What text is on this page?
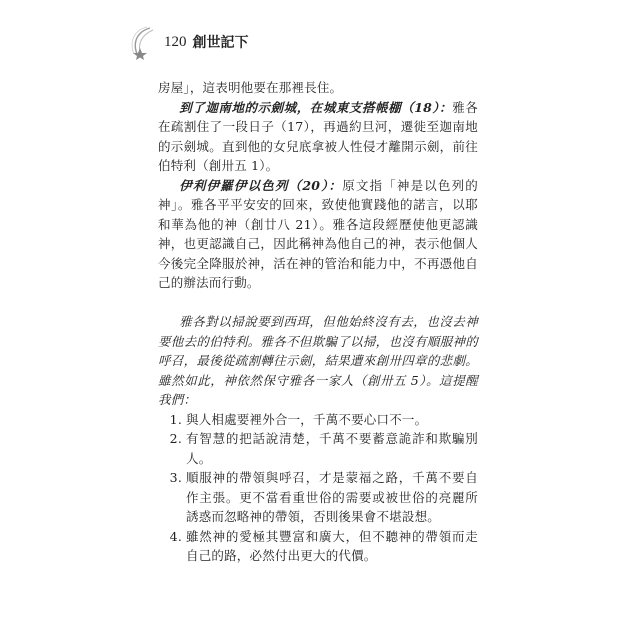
120 創世記下

房屋」，這表明他要在那裡長住。

到了迦南地的示劍城，在城東支搭帳棚（18）：雅各在疏割住了一段日子（17），再過約旦河，遷徙至迦南地的示劍城。直到他的女兒底拿被人性侵才離開示劍，前往伯特利（創卅五 1）。

伊利伊羅伊以色列（20）：原文指「神是以色列的神」。雅各平平安安的回來，致使他實踐他的諾言，以耶和華為他的神（創廿八 21）。雅各這段經歷使他更認識神，也更認識自己，因此稱神為他自己的神，表示他個人今後完全降服於神，活在神的管治和能力中，不再憑他自己的辦法而行動。

雅各對以掃說要到西珥，但他始終沒有去，也沒去神要他去的伯特利。雅各不但欺騙了以掃，也沒有順服神的呼召，最後從疏割轉往示劍，結果遭來創卅四章的悲劇。雖然如此，神依然保守雅各一家人（創卅五 5）。這提醒我們：

1. 與人相處要裡外合一，千萬不要心口不一。
2. 有智慧的把話說清楚，千萬不要蓄意詭詐和欺騙別人。
3. 順服神的帶領與呼召，才是蒙福之路，千萬不要自作主張。更不當看重世俗的需要或被世俗的亮麗所誘惑而忽略神的帶領，否則後果會不堪設想。
4. 雖然神的愛極其豐富和廣大，但不聽神的帶領而走自己的路，必然付出更大的代價。
